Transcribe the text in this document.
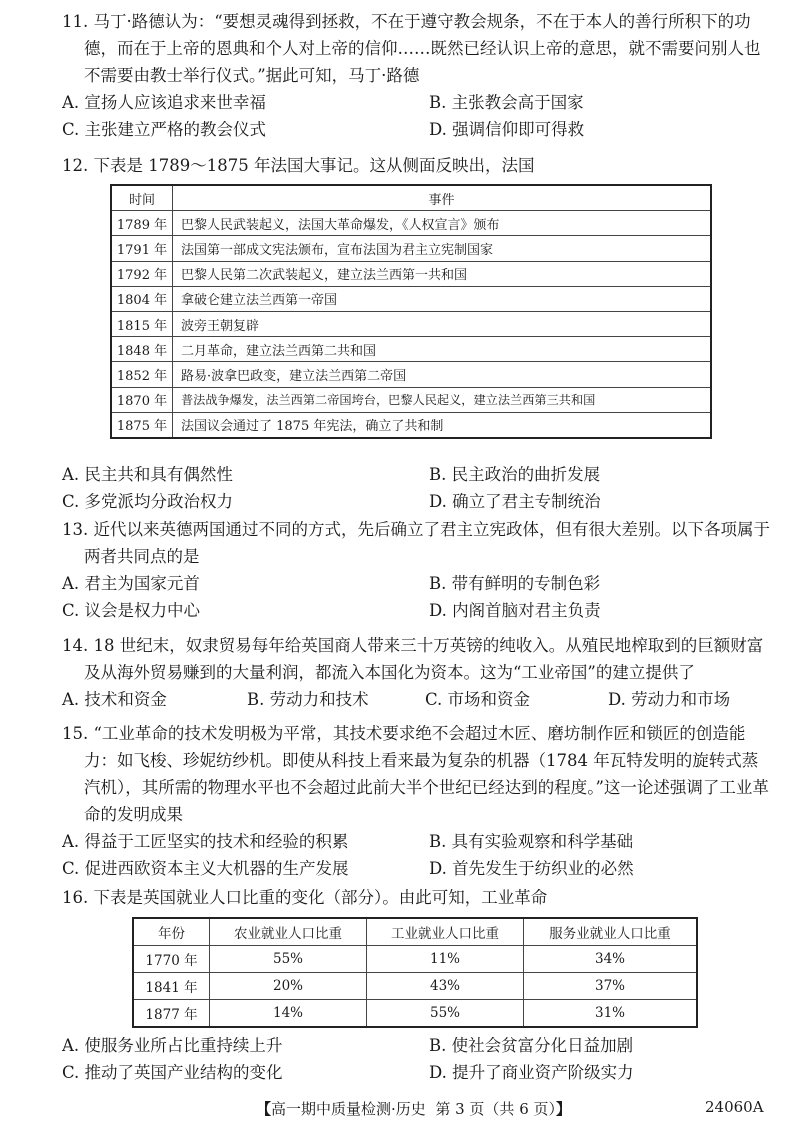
11. 马丁·路德认为：“要想灵魂得到拯救，不在于遵守教会规条，不在于本人的善行所积下的功德，而在于上帝的恩典和个人对上帝的信仰……既然已经认识上帝的意思，就不需要问别人也不需要由教士举行仪式。”据此可知，马丁·路德

A. 宣扬人应该追求来世幸福	B. 主张教会高于国家
C. 主张建立严格的教会仪式	D. 强调信仰即可得救

12. 下表是 1789～1875 年法国大事记。这从侧面反映出，法国

时间	事件
1789 年	巴黎人民武装起义，法国大革命爆发，《人权宣言》颁布
1791 年	法国第一部成文宪法颁布，宣布法国为君主立宪制国家
1792 年	巴黎人民第二次武装起义，建立法兰西第一共和国
1804 年	拿破仑建立法兰西第一帝国
1815 年	波旁王朝复辟
1848 年	二月革命，建立法兰西第二共和国
1852 年	路易·波拿巴政变，建立法兰西第二帝国
1870 年	普法战争爆发，法兰西第二帝国垮台，巴黎人民起义，建立法兰西第三共和国
1875 年	法国议会通过了 1875 年宪法，确立了共和制
A. 民主共和具有偶然性	B. 民主政治的曲折发展
C. 多党派均分政治权力	D. 确立了君主专制统治

13. 近代以来英德两国通过不同的方式，先后确立了君主立宪政体，但有很大差别。以下各项属于两者共同点的是

A. 君主为国家元首	B. 带有鲜明的专制色彩
C. 议会是权力中心	D. 内阁首脑对君主负责

14. 18 世纪末，奴隶贸易每年给英国商人带来三十万英镑的纯收入。从殖民地榨取到的巨额财富及从海外贸易赚到的大量利润，都流入本国化为资本。这为“工业帝国”的建立提供了

A. 技术和资金	B. 劳动力和技术	C. 市场和资金	D. 劳动力和市场

15. “工业革命的技术发明极为平常，其技术要求绝不会超过木匠、磨坊制作匠和锁匠的创造能力：如飞梭、珍妮纺纱机。即使从科技上看来最为复杂的机器（1784 年瓦特发明的旋转式蒸汽机），其所需的物理水平也不会超过此前大半个世纪已经达到的程度。”这一论述强调了工业革命的发明成果

A. 得益于工匠坚实的技术和经验的积累	B. 具有实验观察和科学基础
C. 促进西欧资本主义大机器的生产发展	D. 首先发生于纺织业的必然

16. 下表是英国就业人口比重的变化（部分）。由此可知，工业革命

年份	农业就业人口比重	工业就业人口比重	服务业就业人口比重
1770 年	55%	11%	34%
1841 年	20%	43%	37%
1877 年	14%	55%	31%
A. 使服务业所占比重持续上升	B. 使社会贫富分化日益加剧
C. 推动了英国产业结构的变化	D. 提升了商业资产阶级实力
【高一期中质量检测·历史 第 3 页（共 6 页）】	24060A
